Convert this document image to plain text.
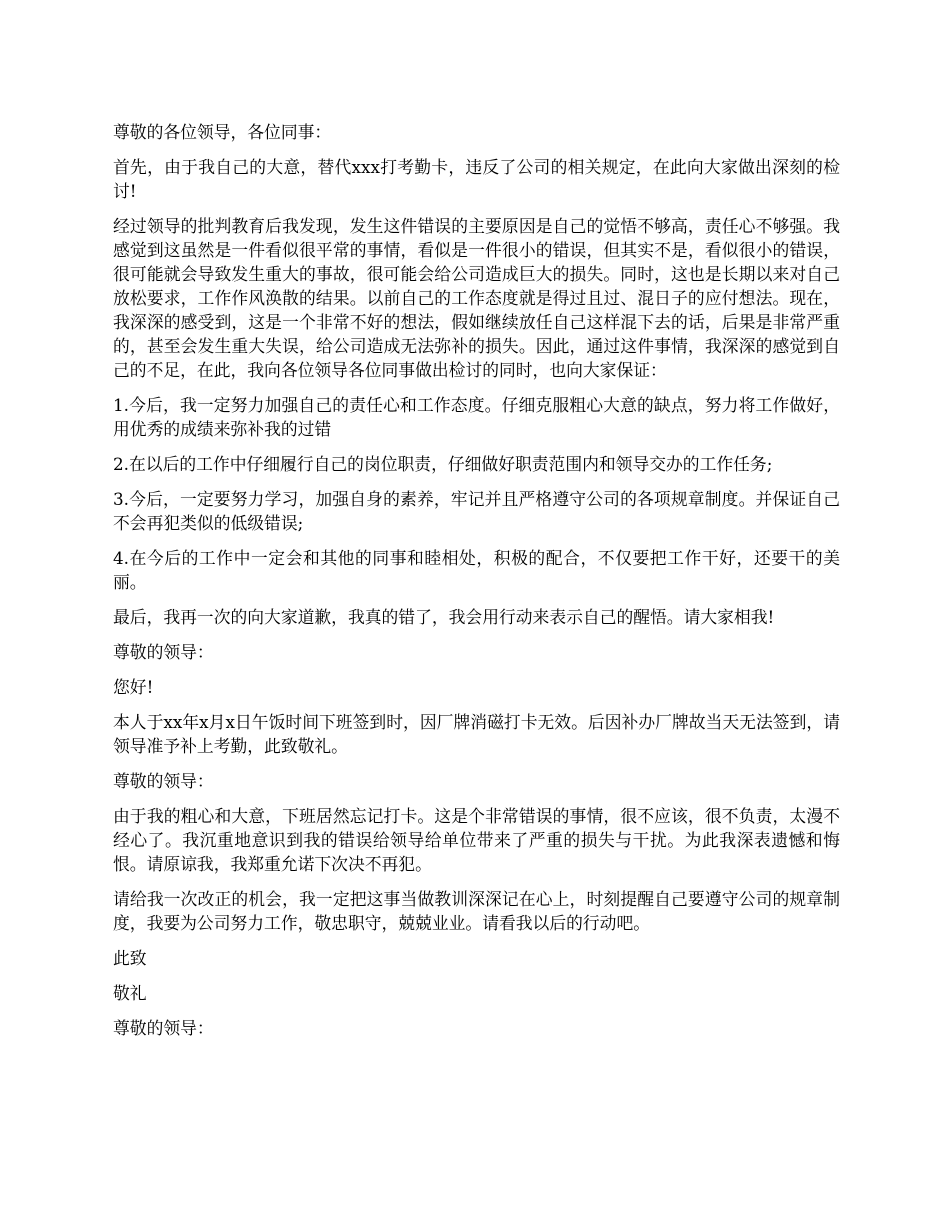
尊敬的各位领导，各位同事：

首先，由于我自己的大意，替代xxx打考勤卡，违反了公司的相关规定，在此向大家做出深刻的检讨!

经过领导的批判教育后我发现，发生这件错误的主要原因是自己的觉悟不够高，责任心不够强。我感觉到这虽然是一件看似很平常的事情，看似是一件很小的错误，但其实不是，看似很小的错误，很可能就会导致发生重大的事故，很可能会给公司造成巨大的损失。同时，这也是长期以来对自己放松要求，工作作风涣散的结果。以前自己的工作态度就是得过且过、混日子的应付想法。现在，我深深的感受到，这是一个非常不好的想法，假如继续放任自己这样混下去的话，后果是非常严重的，甚至会发生重大失误，给公司造成无法弥补的损失。因此，通过这件事情，我深深的感觉到自己的不足，在此，我向各位领导各位同事做出检讨的同时，也向大家保证：

1.今后，我一定努力加强自己的责任心和工作态度。仔细克服粗心大意的缺点，努力将工作做好，用优秀的成绩来弥补我的过错

2.在以后的工作中仔细履行自己的岗位职责，仔细做好职责范围内和领导交办的工作任务;

3.今后，一定要努力学习，加强自身的素养，牢记并且严格遵守公司的各项规章制度。并保证自己不会再犯类似的低级错误;

4.在今后的工作中一定会和其他的同事和睦相处，积极的配合，不仅要把工作干好，还要干的美丽。

最后，我再一次的向大家道歉，我真的错了，我会用行动来表示自己的醒悟。请大家相我!

尊敬的领导：

您好!

本人于xx年x月x日午饭时间下班签到时，因厂牌消磁打卡无效。后因补办厂牌故当天无法签到，请领导准予补上考勤，此致敬礼。

尊敬的领导：

由于我的粗心和大意，下班居然忘记打卡。这是个非常错误的事情，很不应该，很不负责，太漫不经心了。我沉重地意识到我的错误给领导给单位带来了严重的损失与干扰。为此我深表遗憾和悔恨。请原谅我，我郑重允诺下次决不再犯。

请给我一次改正的机会，我一定把这事当做教训深深记在心上，时刻提醒自己要遵守公司的规章制度，我要为公司努力工作，敬忠职守，兢兢业业。请看我以后的行动吧。

此致

敬礼

尊敬的领导：
